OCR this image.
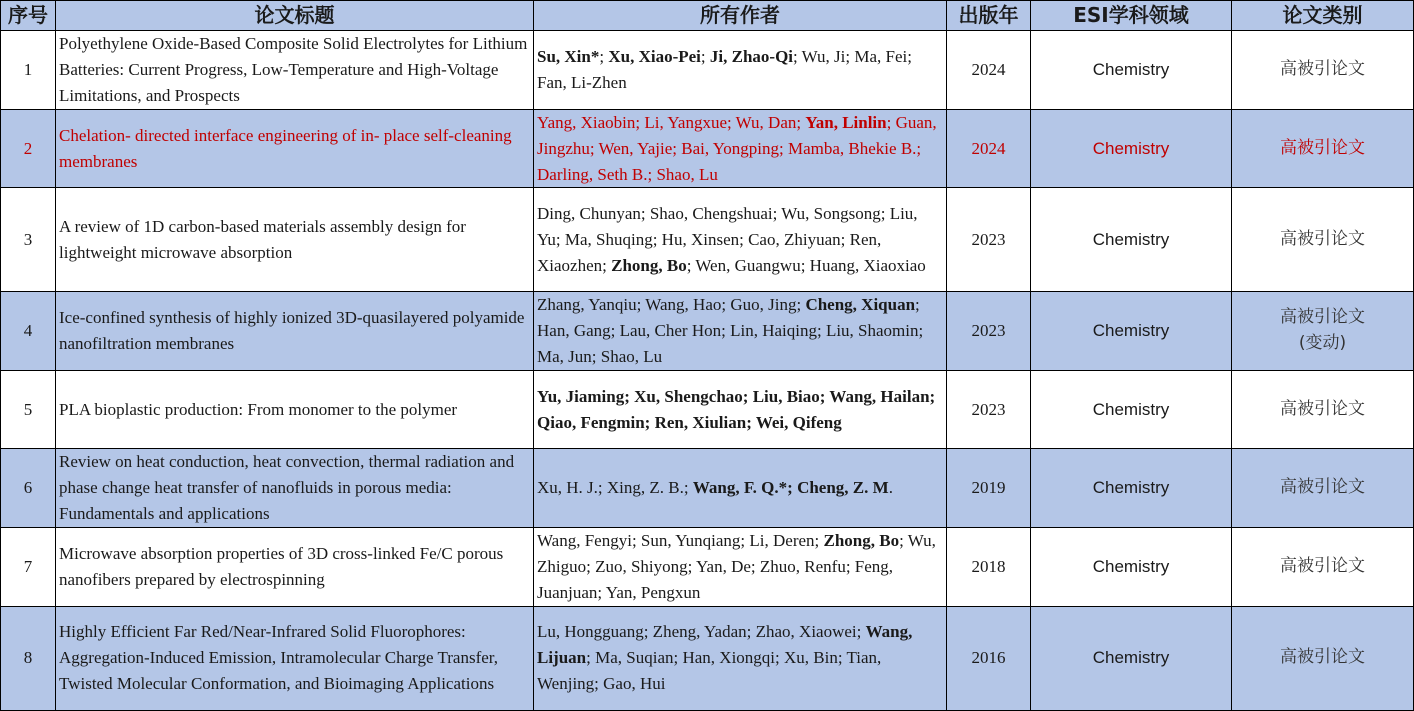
序号	论文标题	所有作者	出版年	ESI学科领域	论文类别
1	Polyethylene Oxide-Based Composite Solid Electrolytes for Lithium Batteries: Current Progress, Low-Temperature and High-Voltage Limitations, and Prospects	Su, Xin*; Xu, Xiao-Pei; Ji, Zhao-Qi; Wu, Ji; Ma, Fei; Fan, Li-Zhen	2024	Chemistry	高被引论文

2	Chelation- directed interface engineering of in- place self-cleaning membranes	Yang, Xiaobin; Li, Yangxue; Wu, Dan; Yan, Linlin; Guan, Jingzhu; Wen, Yajie; Bai, Yongping; Mamba, Bhekie B.; Darling, Seth B.; Shao, Lu	2024	Chemistry	高被引论文

3	A review of 1D carbon-based materials assembly design for lightweight microwave absorption	Ding, Chunyan; Shao, Chengshuai; Wu, Songsong; Liu, Yu; Ma, Shuqing; Hu, Xinsen; Cao, Zhiyuan; Ren, Xiaozhen; Zhong, Bo; Wen, Guangwu; Huang, Xiaoxiao	2023	Chemistry	高被引论文

4	Ice-confined synthesis of highly ionized 3D-quasilayered polyamide nanofiltration membranes	Zhang, Yanqiu; Wang, Hao; Guo, Jing; Cheng, Xiquan; Han, Gang; Lau, Cher Hon; Lin, Haiqing; Liu, Shaomin; Ma, Jun; Shao, Lu	2023	Chemistry	高被引论文
(变动)

5	PLA bioplastic production: From monomer to the polymer	Yu, Jiaming; Xu, Shengchao; Liu, Biao; Wang, Hailan; Qiao, Fengmin; Ren, Xiulian; Wei, Qifeng	2023	Chemistry	高被引论文

6	Review on heat conduction, heat convection, thermal radiation and phase change heat transfer of nanofluids in porous media: Fundamentals and applications	Xu, H. J.; Xing, Z. B.; Wang, F. Q.*; Cheng, Z. M.	2019	Chemistry	高被引论文

7	Microwave absorption properties of 3D cross-linked Fe/C porous nanofibers prepared by electrospinning	Wang, Fengyi; Sun, Yunqiang; Li, Deren; Zhong, Bo; Wu, Zhiguo; Zuo, Shiyong; Yan, De; Zhuo, Renfu; Feng, Juanjuan; Yan, Pengxun	2018	Chemistry	高被引论文

8	Highly Efficient Far Red/Near-Infrared Solid Fluorophores: Aggregation-Induced Emission, Intramolecular Charge Transfer, Twisted Molecular Conformation, and Bioimaging Applications	Lu, Hongguang; Zheng, Yadan; Zhao, Xiaowei; Wang, Lijuan; Ma, Suqian; Han, Xiongqi; Xu, Bin; Tian, Wenjing; Gao, Hui	2016	Chemistry	高被引论文
